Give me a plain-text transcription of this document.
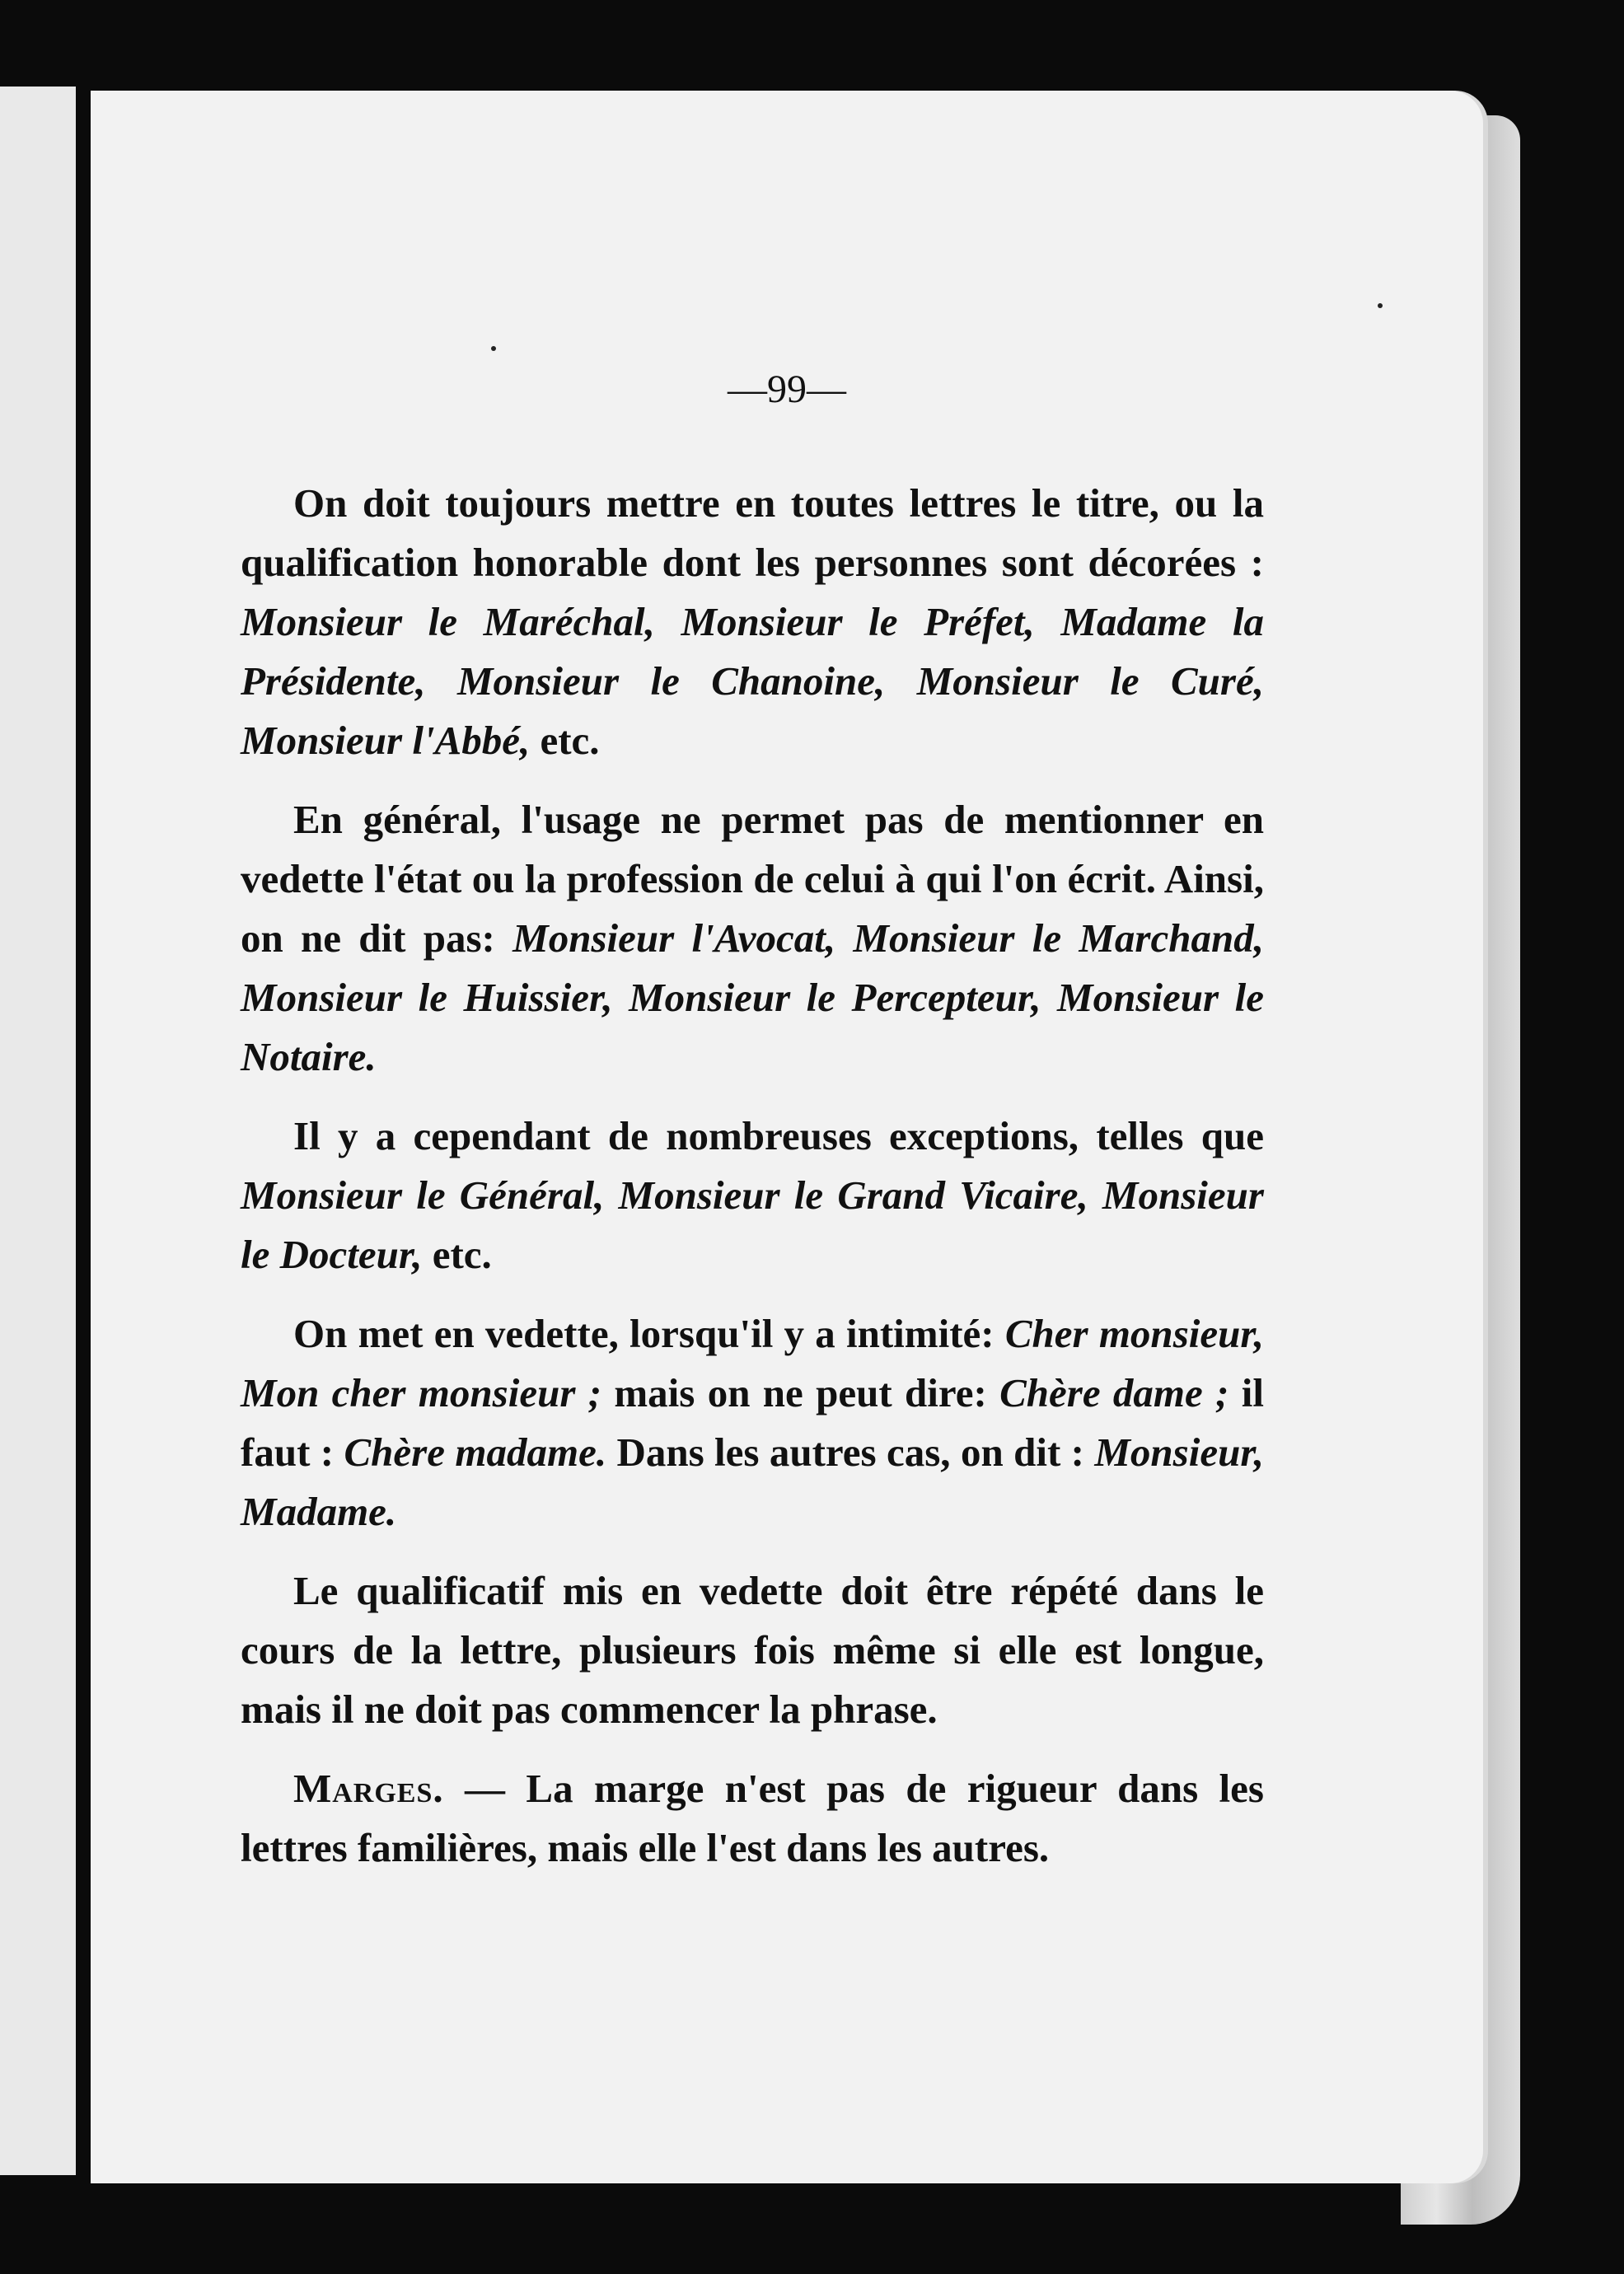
—99—

On doit toujours mettre en toutes lettres le titre, ou la qualification honorable dont les personnes sont décorées : Monsieur le Maréchal, Monsieur le Préfet, Madame la Présidente, Monsieur le Chanoine, Monsieur le Curé, Monsieur l'Abbé, etc.

En général, l'usage ne permet pas de mentionner en vedette l'état ou la profession de celui à qui l'on écrit. Ainsi, on ne dit pas: Monsieur l'Avocat, Monsieur le Marchand, Monsieur le Huissier, Monsieur le Percepteur, Monsieur le Notaire.

Il y a cependant de nombreuses exceptions, telles que Monsieur le Général, Monsieur le Grand Vicaire, Monsieur le Docteur, etc.

On met en vedette, lorsqu'il y a intimité: Cher monsieur, Mon cher monsieur ; mais on ne peut dire: Chère dame ; il faut : Chère madame. Dans les autres cas, on dit : Monsieur, Madame.

Le qualificatif mis en vedette doit être répété dans le cours de la lettre, plusieurs fois même si elle est longue, mais il ne doit pas commencer la phrase.

Marges. — La marge n'est pas de rigueur dans les lettres familières, mais elle l'est dans les autres.
